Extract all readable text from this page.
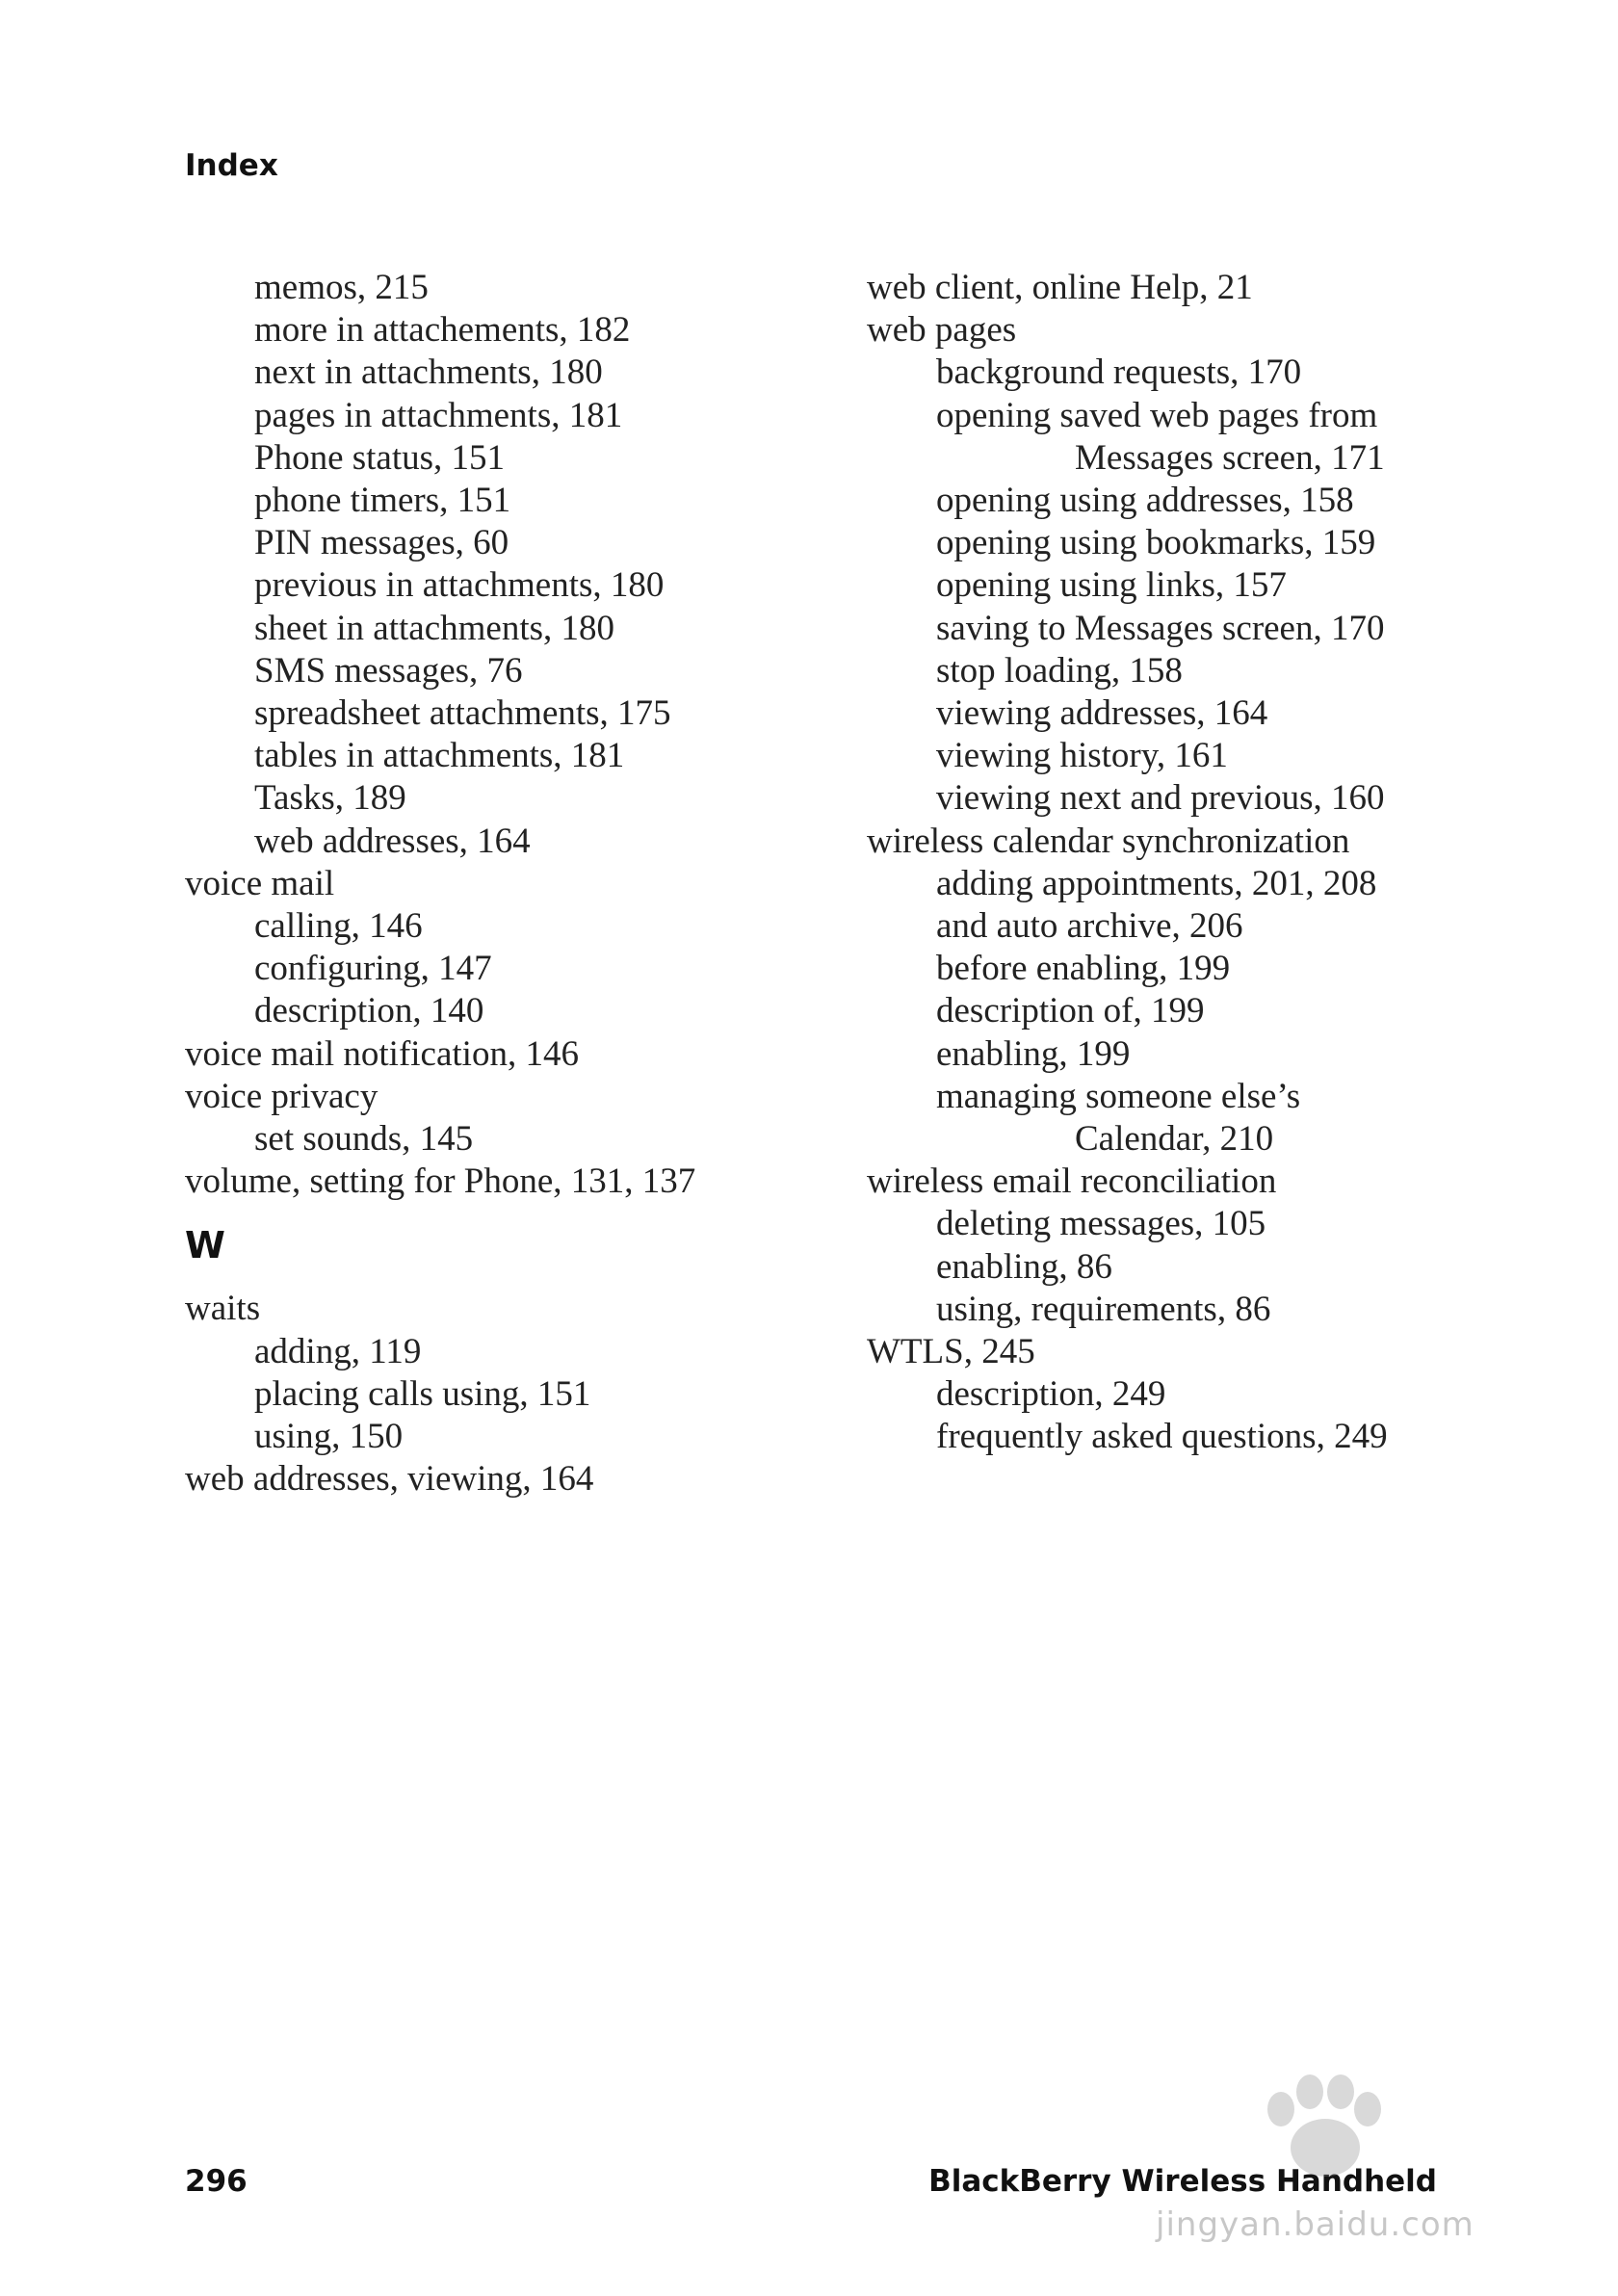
Index
memos, 215
more in attachements, 182
next in attachments, 180
pages in attachments, 181
Phone status, 151
phone timers, 151
PIN messages, 60
previous in attachments, 180
sheet in attachments, 180
SMS messages, 76
spreadsheet attachments, 175
tables in attachments, 181
Tasks, 189
web addresses, 164
voice mail
calling, 146
configuring, 147
description, 140
voice mail notification, 146
voice privacy
set sounds, 145
volume, setting for Phone, 131, 137
W
waits
adding, 119
placing calls using, 151
using, 150
web addresses, viewing, 164
web client, online Help, 21
web pages
background requests, 170
opening saved web pages from
Messages screen, 171
opening using addresses, 158
opening using bookmarks, 159
opening using links, 157
saving to Messages screen, 170
stop loading, 158
viewing addresses, 164
viewing history, 161
viewing next and previous, 160
wireless calendar synchronization
adding appointments, 201, 208
and auto archive, 206
before enabling, 199
description of, 199
enabling, 199
managing someone else’s
Calendar, 210
wireless email reconciliation
deleting messages, 105
enabling, 86
using, requirements, 86
WTLS, 245
description, 249
frequently asked questions, 249
296	BlackBerry Wireless Handheld
jingyan.baidu.com
